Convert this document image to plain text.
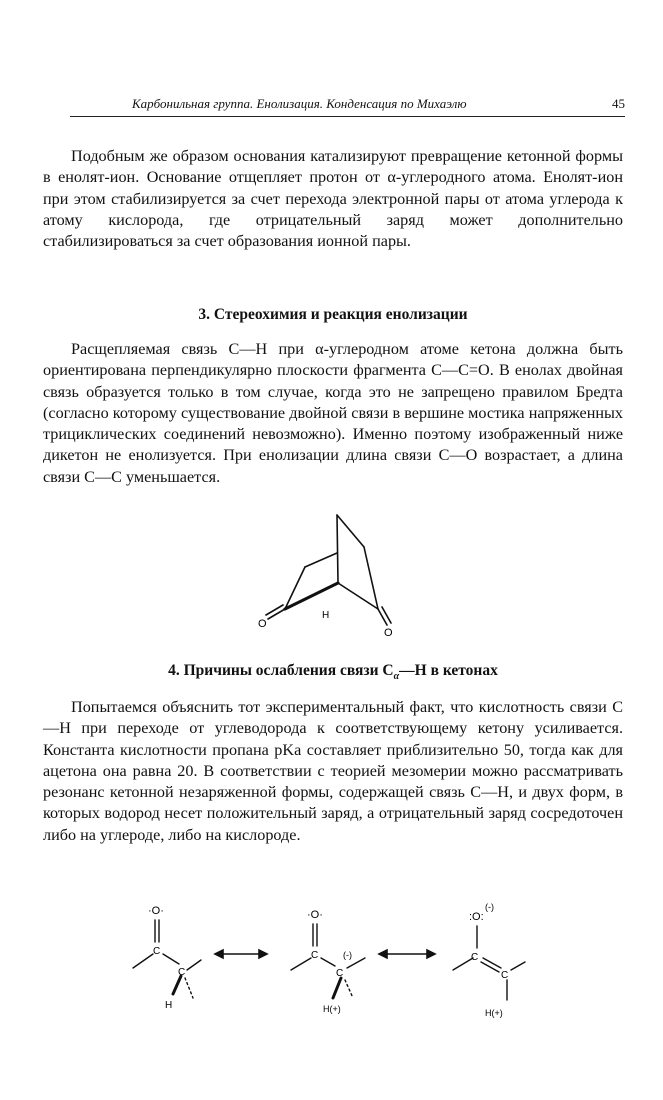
Карбонильная группа. Енолизация. Конденсация по Михаэлю	45

Подобным же образом основания катализируют превращение кетонной формы в енолят-ион. Основание отщепляет протон от α-углеродного атома. Енолят-ион при этом стабилизируется за счет перехода электронной пары от атома углерода к атому кислорода, где отрицательный заряд может дополнительно стабилизироваться за счет образования ионной пары.

3. Стереохимия и реакция енолизации

Расщепляемая связь С—Н при α-углеродном атоме кетона должна быть ориентирована перпендикулярно плоскости фрагмента С—С=О. В енолах двойная связь образуется только в том случае, когда это не запрещено правилом Бредта (согласно которому существование двойной связи в вершине мостика напряженных трициклических соединений невозможно). Именно поэтому изображенный ниже дикетон не енолизуется. При енолизации длина связи С—О возрастает, а длина связи С—С уменьшается.

O
H
O
4. Причины ослабления связи $С_\alpha—Н$ в кетонах

Попытаемся объяснить тот экспериментальный факт, что кислотность связи С—Н при переходе от углеводорода к соответствующему кетону усиливается. Константа кислотности пропана pKa составляет приблизительно 50, тогда как для ацетона она равна 20. В соответствии с теорией мезомерии можно рассматривать резонанс кетонной незаряженной формы, содержащей связь С—Н, и двух форм, в которых водород несет положительный заряд, а отрицательный заряд сосредоточен либо на углероде, либо на кислороде.

·O·
C
C
H
·O·
C	(-)
C
H(+)
:O:
(-)
C
C
H(+)
